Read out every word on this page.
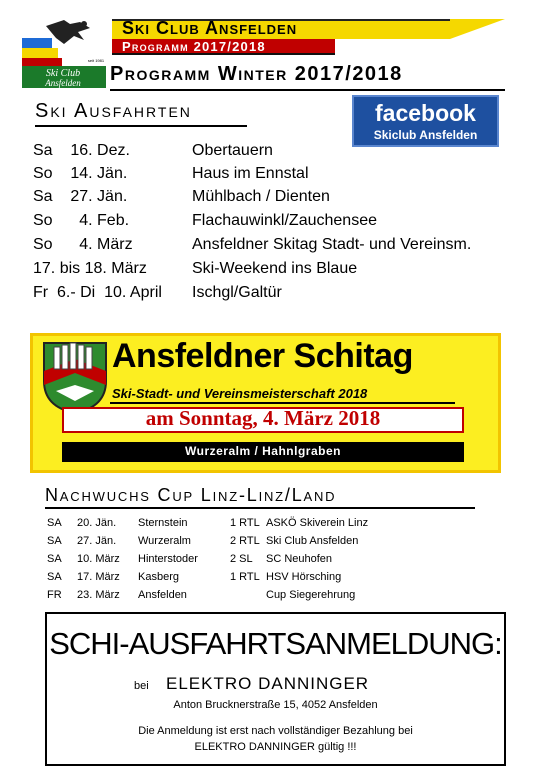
Ski Club
Ansfelden
seit 1981
Ski Club Ansfelden
Programm 2017/2018
Programm Winter 2017/2018
Ski Ausfahrten	facebook
Skiclub Ansfelden
Sa    16. Dez.	Obertauern
So    14. Jän.	Haus im Ennstal
Sa    27. Jän.	Mühlbach / Dienten
So      4. Feb.	Flachauwinkl/Zauchensee
So      4. März	Ansfeldner Skitag Stadt- und Vereinsm.
17. bis 18. März	Ski-Weekend ins Blaue
Fr  6.- Di  10. April Ischgl/Galtür
Ansfeldner Schitag
Ski-Stadt- und Vereinsmeisterschaft 2018
am Sonntag, 4. März 2018
Wurzeralm / Hahnlgraben
Nachwuchs Cup Linz-Linz/Land
SA 20. Jän. Sternstein	1 RTL ASKÖ Skiverein Linz
SA 27. Jän. Wurzeralm	2 RTL Ski Club Ansfelden
SA 10. März Hinterstoder	2 SL SC Neuhofen
SA 17. März Kasberg	1 RTL HSV Hörsching
FR 23. März Ansfelden	Cup Siegerehrung
SCHI-AUSFAHRTSANMELDUNG:
bei ELEKTRO DANNINGER
Anton Brucknerstraße 15, 4052 Ansfelden
Die Anmeldung ist erst nach vollständiger Bezahlung bei
ELEKTRO DANNINGER gültig !!!
